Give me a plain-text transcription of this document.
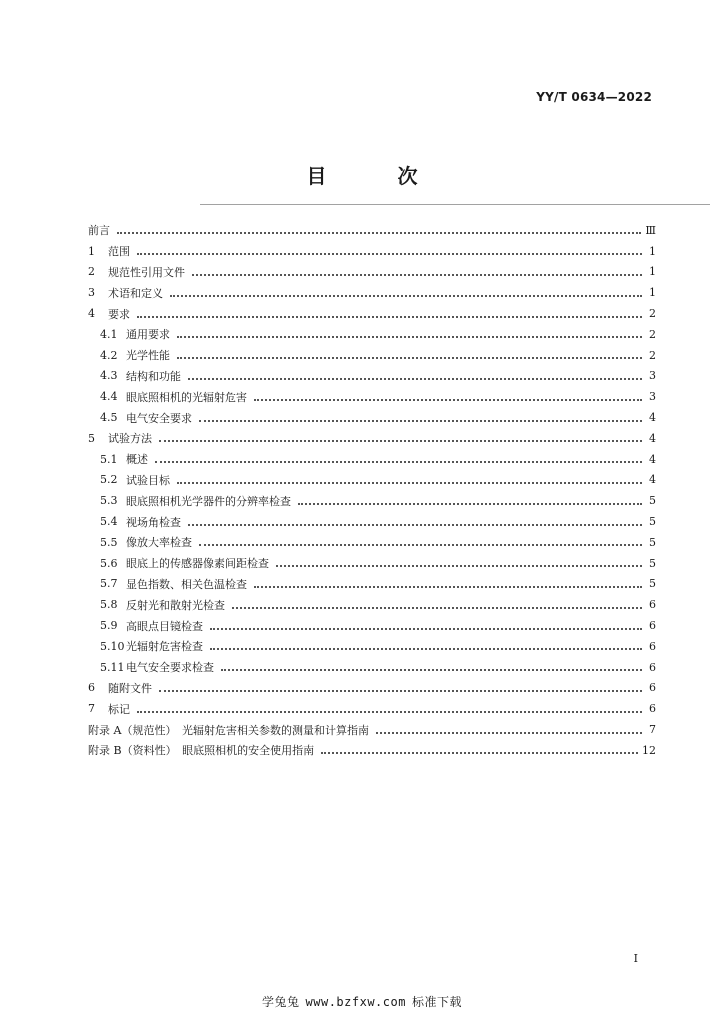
YY/T 0634—2022
目 次
前言	Ⅲ
1	范围	1
2	规范性引用文件	1
3	术语和定义	1
4	要求	2
4.1 通用要求	2
4.2 光学性能	2
4.3 结构和功能	3
4.4 眼底照相机的光辐射危害	3
4.5 电气安全要求	4
5	试验方法	4
5.1 概述	4
5.2 试验目标	4
5.3 眼底照相机光学器件的分辨率检查	5
5.4 视场角检查	5
5.5 像放大率检查	5
5.6 眼底上的传感器像素间距检查	5
5.7 显色指数、相关色温检查	5
5.8 反射光和散射光检查	6
5.9 高眼点目镜检查	6
5.10 光辐射危害检查	6
5.11 电气安全要求检查	6
6	随附文件	6
7	标记	6
附录 A（规范性）　光辐射危害相关参数的测量和计算指南	7
附录 B（资料性）　眼底照相机的安全使用指南	12
I
学兔兔 www.bzfxw.com 标准下载
